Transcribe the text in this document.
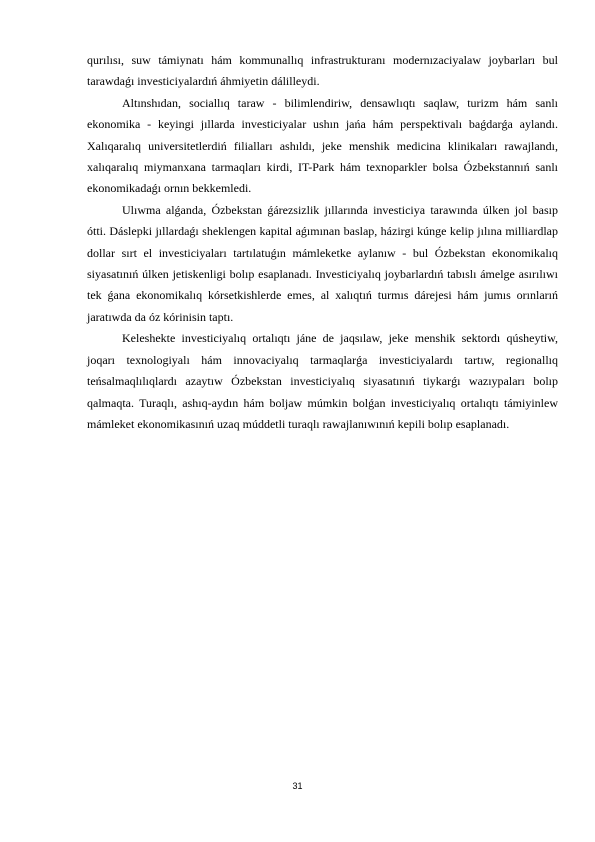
qurılısı, suw támiynatı hám kommunallıq infrastrukturanı modernızaciyalaw joybarları bul tarawdaǵı investiciyalardıń áhmiyetin dálilleydi.

Altınshıdan, sociallıq taraw - bilimlendiriw, densawlıqtı saqlaw, turizm hám sanlı ekonomika - keyingi jıllarda investiciyalar ushın jańa hám perspektivalı baǵdarǵa aylandı. Xalıqaralıq universitetlerdiń filialları ashıldı, jeke menshik medicina klinikaları rawajlandı, xalıqaralıq miymanxana tarmaqları kirdi, IT-Park hám texnoparkler bolsa Ózbekstannıń sanlı ekonomikadaǵı ornın bekkemledi.

Ulıwma alǵanda, Ózbekstan ǵárezsizlik jıllarında investiciya tarawında úlken jol basıp ótti. Dáslepki jıllardaǵı sheklengen kapital aǵımınan baslap, házirgi kúnge kelip jılına milliardlap dollar sırt el investiciyaları tartılatuǵın mámleketke aylanıw - bul Ózbekstan ekonomikalıq siyasatınıń úlken jetiskenligi bolıp esaplanadı. Investiciyalıq joybarlardıń tabıslı ámelge asırılıwı tek ǵana ekonomikalıq kórsetkishlerde emes, al xalıqtıń turmıs dárejesi hám jumıs orınlarıń jaratıwda da óz kórinisin taptı.

Keleshekte investiciyalıq ortalıqtı jáne de jaqsılaw, jeke menshik sektordı qúsheytiw, joqarı texnologiyalı hám innovaciyalıq tarmaqlarǵa investiciyalardı tartıw, regionallıq teńsalmaqlılıqlardı azaytıw Ózbekstan investiciyalıq siyasatınıń tiykarǵı wazıypaları bolıp qalmaqta. Turaqlı, ashıq-aydın hám boljaw múmkin bolǵan investiciyalıq ortalıqtı támiyinlew mámleket ekonomikasınıń uzaq múddetli turaqlı rawajlanıwınıń kepili bolıp esaplanadı.

31
